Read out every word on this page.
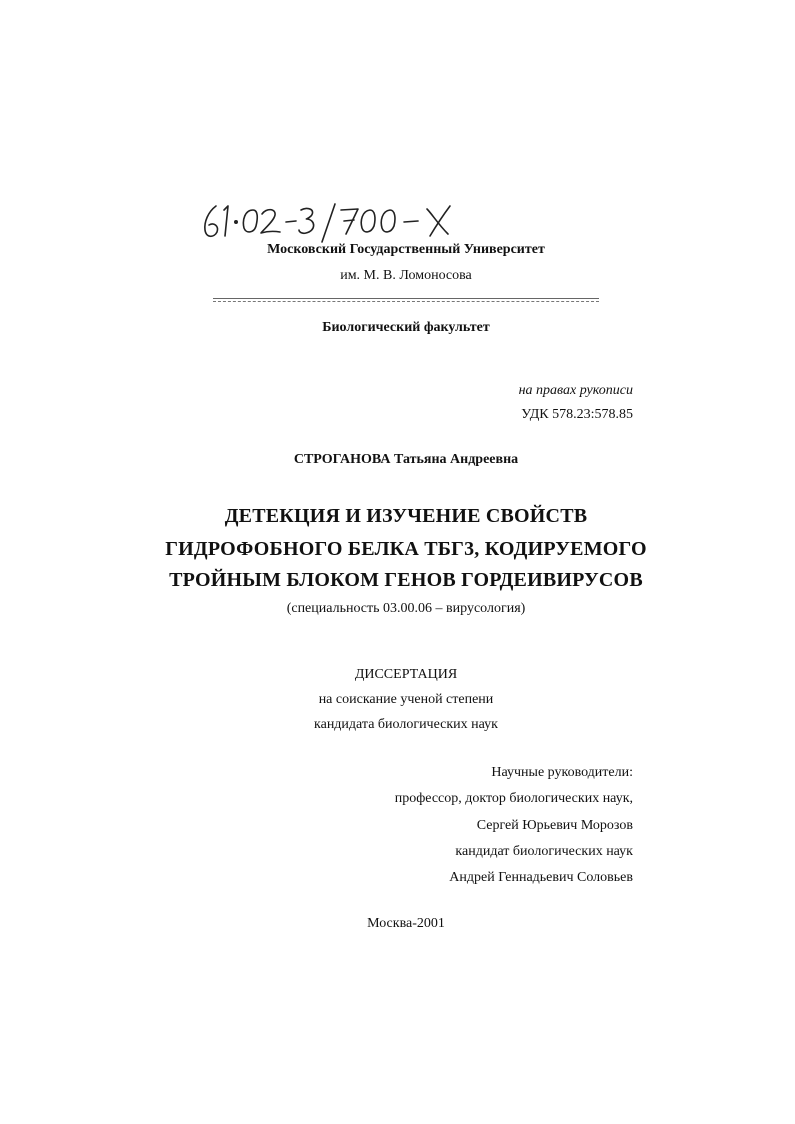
Московский Государственный Университет
им. М. В. Ломоносова
Биологический факультет
на правах рукописи
УДК 578.23:578.85
СТРОГАНОВА Татьяна Андреевна
ДЕТЕКЦИЯ И ИЗУЧЕНИЕ СВОЙСТВ
ГИДРОФОБНОГО БЕЛКА ТБГ3, КОДИРУЕМОГО
ТРОЙНЫМ БЛОКОМ ГЕНОВ ГОРДЕИВИРУСОВ
(специальность 03.00.06 – вирусология)
ДИССЕРТАЦИЯ
на соискание ученой степени
кандидата биологических наук
Научные руководители:
профессор, доктор биологических наук,
Сергей Юрьевич Морозов
кандидат биологических наук
Андрей Геннадьевич Соловьев
Москва-2001
